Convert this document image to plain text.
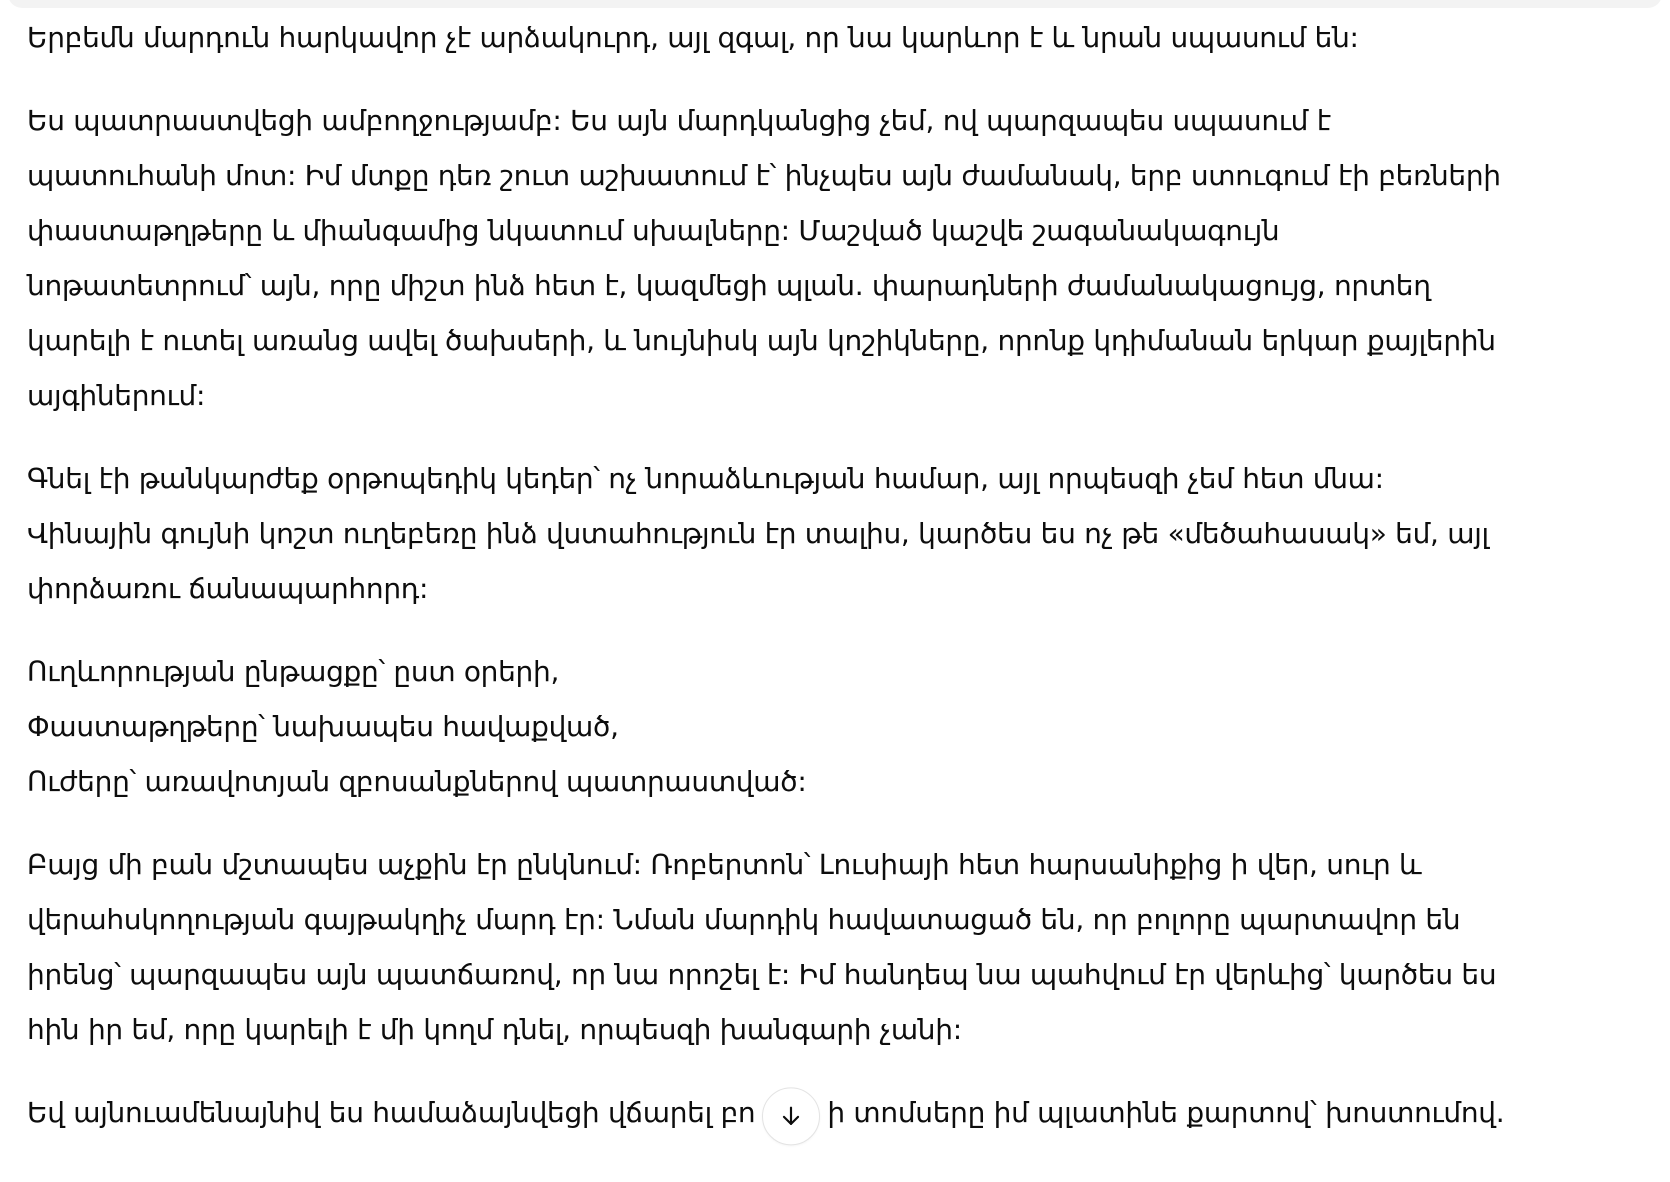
Երբեմն մարդուն հարկավոր չէ արձակուրդ, այլ զգալ, որ նա կարևոր է և նրան սպասում են:
Ես պատրաստվեցի ամբողջությամբ: Ես այն մարդկանցից չեմ, ով պարզապես սպասում է
պատուհանի մոտ: Իմ մտքը դեռ շուտ աշխատում է՝ ինչպես այն ժամանակ, երբ ստուգում էի բեռների
փաստաթղթերը և միանգամից նկատում սխալները: Մաշված կաշվե շագանակագույն
նոթատետրում՝ այն, որը միշտ ինձ հետ է, կազմեցի պլան. փարադների ժամանակացույց, որտեղ
կարելի է ուտել առանց ավել ծախսերի, և նույնիսկ այն կոշիկները, որոնք կդիմանան երկար քայլերին
այգիներում:
Գնել էի թանկարժեք օրթոպեդիկ կեդեր՝ ոչ նորաձևության համար, այլ որպեսզի չեմ հետ մնա:
Վինային գույնի կոշտ ուղեբեռը ինձ վստահություն էր տալիս, կարծես ես ոչ թե «մեծահասակ» եմ, այլ
փորձառու ճանապարհորդ:
Ուղևորության ընթացքը՝ ըստ օրերի,
Փաստաթղթերը՝ նախապես հավաքված,
Ուժերը՝ առավոտյան զբոսանքներով պատրաստված:
Բայց մի բան մշտապես աչքին էր ընկնում: Ռոբերտոն՝ Լուսիայի հետ հարսանիքից ի վեր, սուր և
վերահսկողության գայթակղիչ մարդ էր: Նման մարդիկ հավատացած են, որ բոլորը պարտավոր են
իրենց՝ պարզապես այն պատճառով, որ նա որոշել է: Իմ հանդեպ նա պահվում էր վերևից՝ կարծես ես
հին իր եմ, որը կարելի է մի կողմ դնել, որպեսզի խանգարի չանի:
Եվ այնուամենայնիվ ես համաձայնվեցի վճարել բո	ի տոմսերը իմ պլատինե քարտով՝ խոստումով.
